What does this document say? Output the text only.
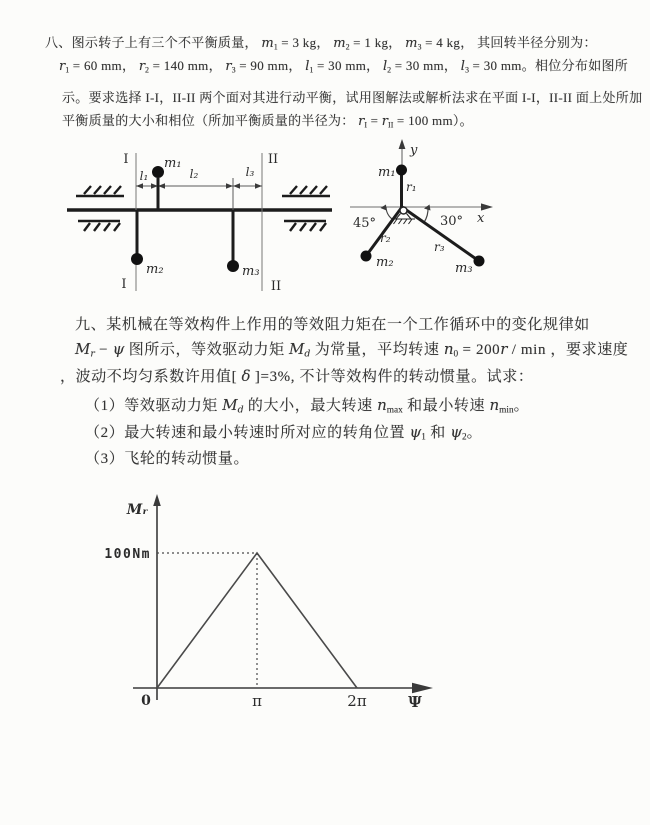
八、图示转子上有三个不平衡质量， m1 = 3 kg， m2 = 1 kg， m3 = 4 kg， 其回转半径分别为：
r1 = 60 mm， r2 = 140 mm， r3 = 90 mm， l1 = 30 mm， l2 = 30 mm， l3 = 30 mm。相位分布如图所
示。要求选择 I-I，II-II 两个面对其进行动平衡，试用图解法或解析法求在平面 I-I，II-II 面上处所加
平衡质量的大小和相位（所加平衡质量的半径为： rI = rII = 100 mm）。
I
I
II
II
l₁	l₂	l₃
m₁
m₂	m₃
x
y
45°	30°
m₁
r₁
m₂
r₂
m₃
r₃
九、某机械在等效构件上作用的等效阻力矩在一个工作循环中的变化规律如
Mr − ψ 图所示，等效驱动力矩 Md 为常量，平均转速 n0 = 200r / min ，要求速度
，波动不均匀系数许用值[ δ ]=3%, 不计等效构件的转动惯量。试求：
（1）等效驱动力矩 Md 的大小，最大转速 nmax 和最小转速 nmin。
（2）最大转速和最小转速时所对应的转角位置 ψ1 和 ψ2。
（3）飞轮的转动惯量。
Mᵣ
100Nm
0	π	2π	Ψ
